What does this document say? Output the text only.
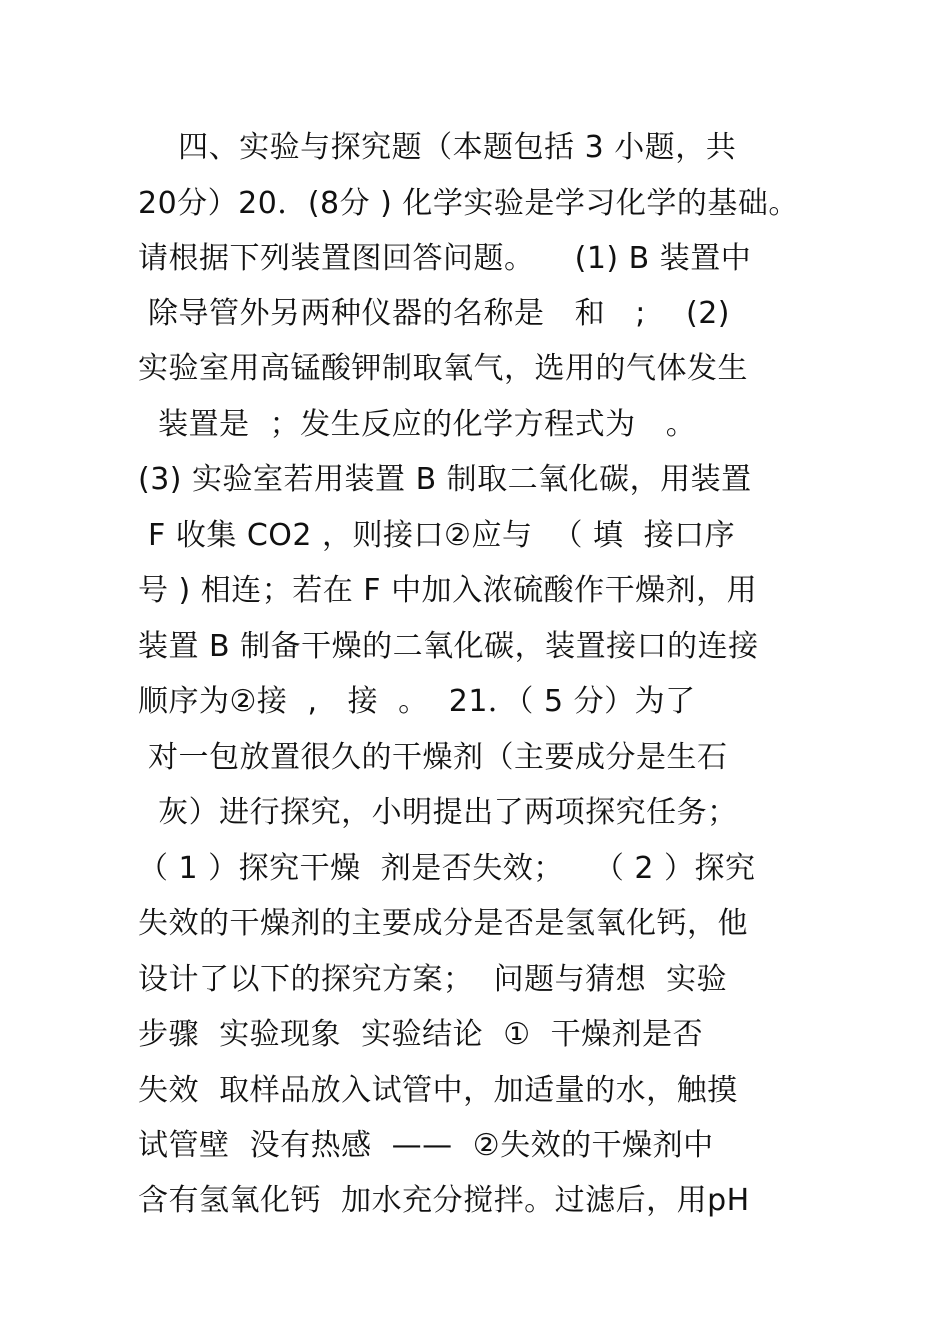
四、实验与探究题（本题包括 3 小题，共
20分）20．(8分 ) 化学实验是学习化学的基础。
请根据下列装置图回答问题。    (1) B 装置中
除导管外另两种仪器的名称是   和   ;    (2)
实验室用高锰酸钾制取氧气，选用的气体发生
装置是  ；发生反应的化学方程式为   。
(3) 实验室若用装置 B 制取二氧化碳，用装置
F 收集 CO2 ，则接口②应与  （ 填  接口序
号 ) 相连；若在 F 中加入浓硫酸作干燥剂，用
装置 B 制备干燥的二氧化碳，装置接口的连接
顺序为②接  ,   接  。  21．（ 5 分）为了
对一包放置很久的干燥剂（主要成分是生石
灰）进行探究，小明提出了两项探究任务；
（ 1 ）探究干燥  剂是否失效；   （ 2 ）探究
失效的干燥剂的主要成分是否是氢氧化钙，他
设计了以下的探究方案；  问题与猜想  实验
步骤  实验现象  实验结论  ①  干燥剂是否
失效  取样品放入试管中，加适量的水，触摸
试管壁  没有热感  ——  ②失效的干燥剂中
含有氢氧化钙  加水充分搅拌。过滤后，用pH
